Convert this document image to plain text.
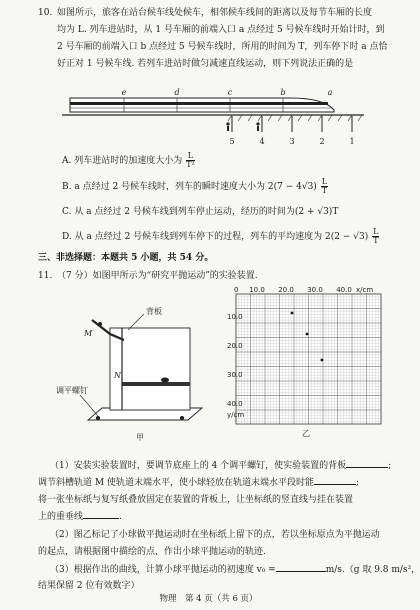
10. 如图所示，旅客在站台候车线处候车，相邻候车线间的距离以及每节车厢的长度
均为 L. 列车进站时，从 1 号车厢的前端入口 a 点经过 5 号候车线时开始计时，到
2 号车厢的前端入口 b 点经过 5 号候车线时，所用的时间为 T，列车停下时 a 点恰
好正对 1 号候车线. 若列车进站时做匀减速直线运动，则下列说法正确的是
e	d	c	b	a
5	4	3	2	1
A. 列车进站时的加速度大小为 $\frac{L}{\text{T²}}$
B. a 点经过 2 号候车线时，列车的瞬时速度大小为 $2(7 - 4√3) \frac{L}{T}$
C. 从 a 点经过 2 号候车线到列车停止运动，经历的时间为(2 + √3)T
D. 从 a 点经过 2 号候车线到列车停下的过程，列车的平均速度为 $2(2 - √3) \frac{L}{T}$
三、非选择题：本题共 5 小题，共 54 分。
11. （7 分）如图甲所示为“研究平抛运动”的实验装置.
背板
M
N
调平螺钉
甲
0 10.0 20.0 30.0 40.0 x/cm
10.0
20.0
30.0
40.0
y/cm
乙
（1）安装实验装置时，要调节底座上的 4 个调平螺钉，使实验装置的背板	;
调节斜槽轨道 M 使轨道末端水平，使小球轻放在轨道末端水平段时能	;
将一张坐标纸与复写纸叠放固定在装置的背板上，让坐标纸的竖直线与挂在装置
上的重垂线	.
（2）图乙标记了小球做平抛运动时在坐标纸上留下的点，若以坐标原点为平抛运动
的起点，请根据图中描绘的点，作出小球平抛运动的轨迹.
（3）根据作出的曲线，计算小球平抛运动的初速度 v₀ =	m/s.（g 取 9.8 m/s²，
结果保留 2 位有效数字）
物理　第 4 页（共 6 页）
